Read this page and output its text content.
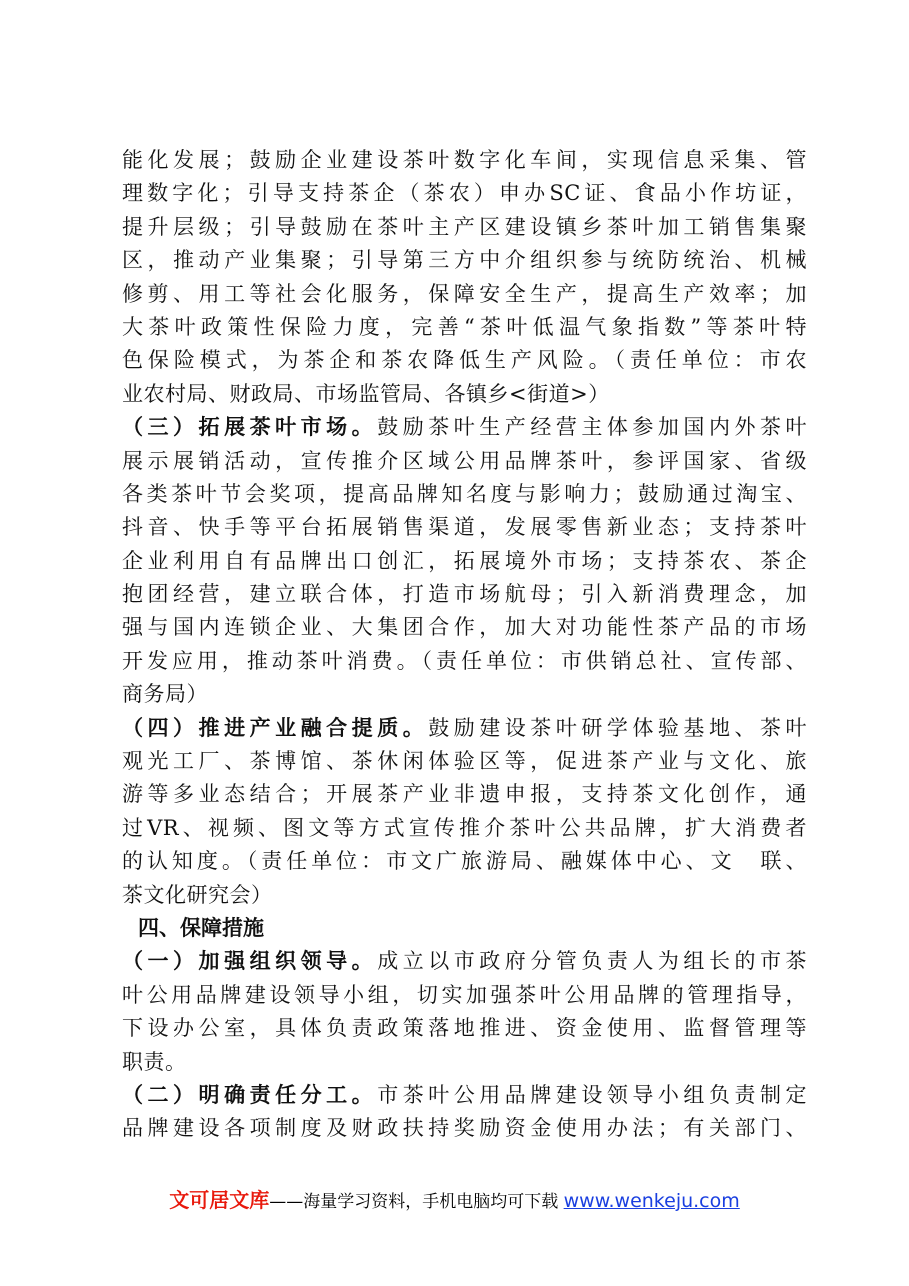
能化发展；鼓励企业建设茶叶数字化车间，实现信息采集、管
理数字化；引导支持茶企（茶农）申办SC证、食品小作坊证，
提升层级；引导鼓励在茶叶主产区建设镇乡茶叶加工销售集聚
区，推动产业集聚；引导第三方中介组织参与统防统治、机械
修剪、用工等社会化服务，保障安全生产，提高生产效率；加
大茶叶政策性保险力度，完善“茶叶低温气象指数”等茶叶特
色保险模式，为茶企和茶农降低生产风险。（责任单位：市农
业农村局、财政局、市场监管局、各镇乡<街道>）
（三）拓展茶叶市场。鼓励茶叶生产经营主体参加国内外茶叶
展示展销活动，宣传推介区域公用品牌茶叶，参评国家、省级
各类茶叶节会奖项，提高品牌知名度与影响力；鼓励通过淘宝、
抖音、快手等平台拓展销售渠道，发展零售新业态；支持茶叶
企业利用自有品牌出口创汇，拓展境外市场；支持茶农、茶企
抱团经营，建立联合体，打造市场航母；引入新消费理念，加
强与国内连锁企业、大集团合作，加大对功能性茶产品的市场
开发应用，推动茶叶消费。（责任单位：市供销总社、宣传部、
商务局）
（四）推进产业融合提质。鼓励建设茶叶研学体验基地、茶叶
观光工厂、茶博馆、茶休闲体验区等，促进茶产业与文化、旅
游等多业态结合；开展茶产业非遗申报，支持茶文化创作，通
过VR、视频、图文等方式宣传推介茶叶公共品牌，扩大消费者
的认知度。（责任单位：市文广旅游局、融媒体中心、文　联、
茶文化研究会）
四、保障措施
（一）加强组织领导。成立以市政府分管负责人为组长的市茶
叶公用品牌建设领导小组，切实加强茶叶公用品牌的管理指导，
下设办公室，具体负责政策落地推进、资金使用、监督管理等
职责。
（二）明确责任分工。市茶叶公用品牌建设领导小组负责制定
品牌建设各项制度及财政扶持奖励资金使用办法；有关部门、
文可居文库——海量学习资料，手机电脑均可下载 www.wenkeju.com
